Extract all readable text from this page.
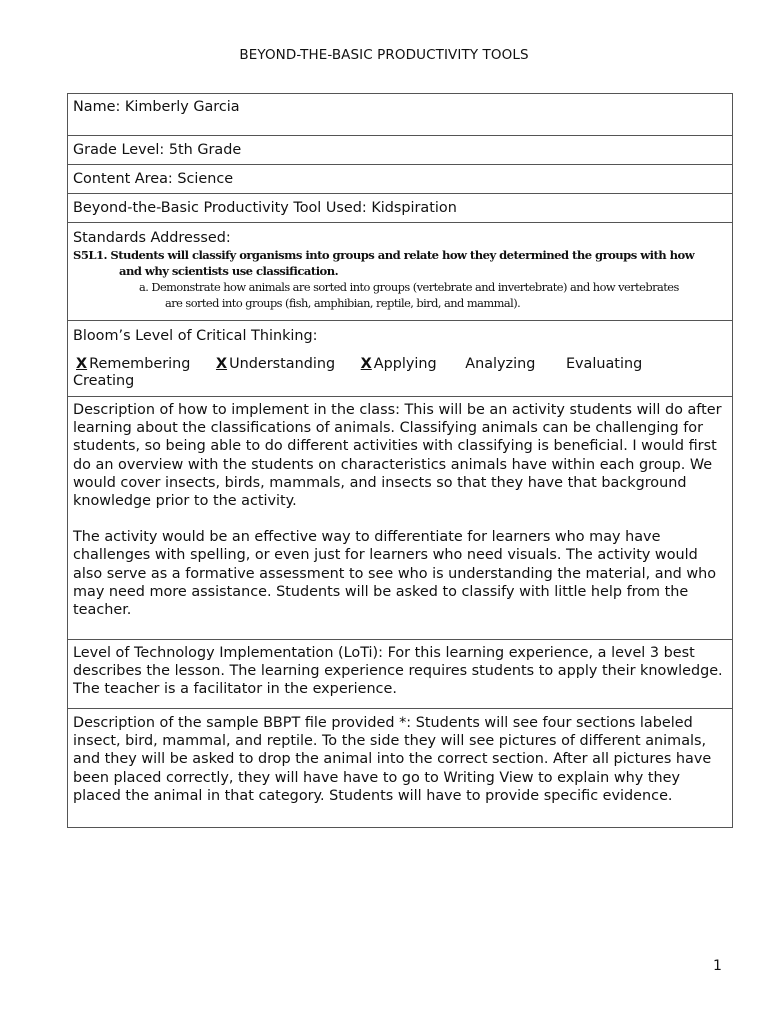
BEYOND-THE-BASIC PRODUCTIVITY TOOLS
Name: Kimberly Garcia
Grade Level: 5th Grade
Content Area: Science
Beyond-the-Basic Productivity Tool Used: Kidspiration
Standards Addressed:
S5L1. Students will classify organisms into groups and relate how they determined the groups with how
and why scientists use classification.
a. Demonstrate how animals are sorted into groups (vertebrate and invertebrate) and how vertebrates
are sorted into groups (fish, amphibian, reptile, bird, and mammal).
Bloom’s Level of Critical Thinking:
X Remembering X Understanding X Applying Analyzing Evaluating
Creating

Description of how to implement in the class: This will be an activity students will do after learning about the classifications of animals. Classifying animals can be challenging for students, so being able to do different activities with classifying is beneficial. I would first do an overview with the students on characteristics animals have within each group. We would cover insects, birds, mammals, and insects so that they have that background knowledge prior to the activity.

The activity would be an effective way to differentiate for learners who may have challenges with spelling, or even just for learners who need visuals. The activity would also serve as a formative assessment to see who is understanding the material, and who may need more assistance. Students will be asked to classify with little help from the teacher.

Level of Technology Implementation (LoTi): For this learning experience, a level 3 best describes the lesson. The learning experience requires students to apply their knowledge. The teacher is a facilitator in the experience.

Description of the sample BBPT file provided *: Students will see four sections labeled insect, bird, mammal, and reptile. To the side they will see pictures of different animals, and they will be asked to drop the animal into the correct section. After all pictures have been placed correctly, they will have have to go to Writing View to explain why they placed the animal in that category. Students will have to provide specific evidence.

1
